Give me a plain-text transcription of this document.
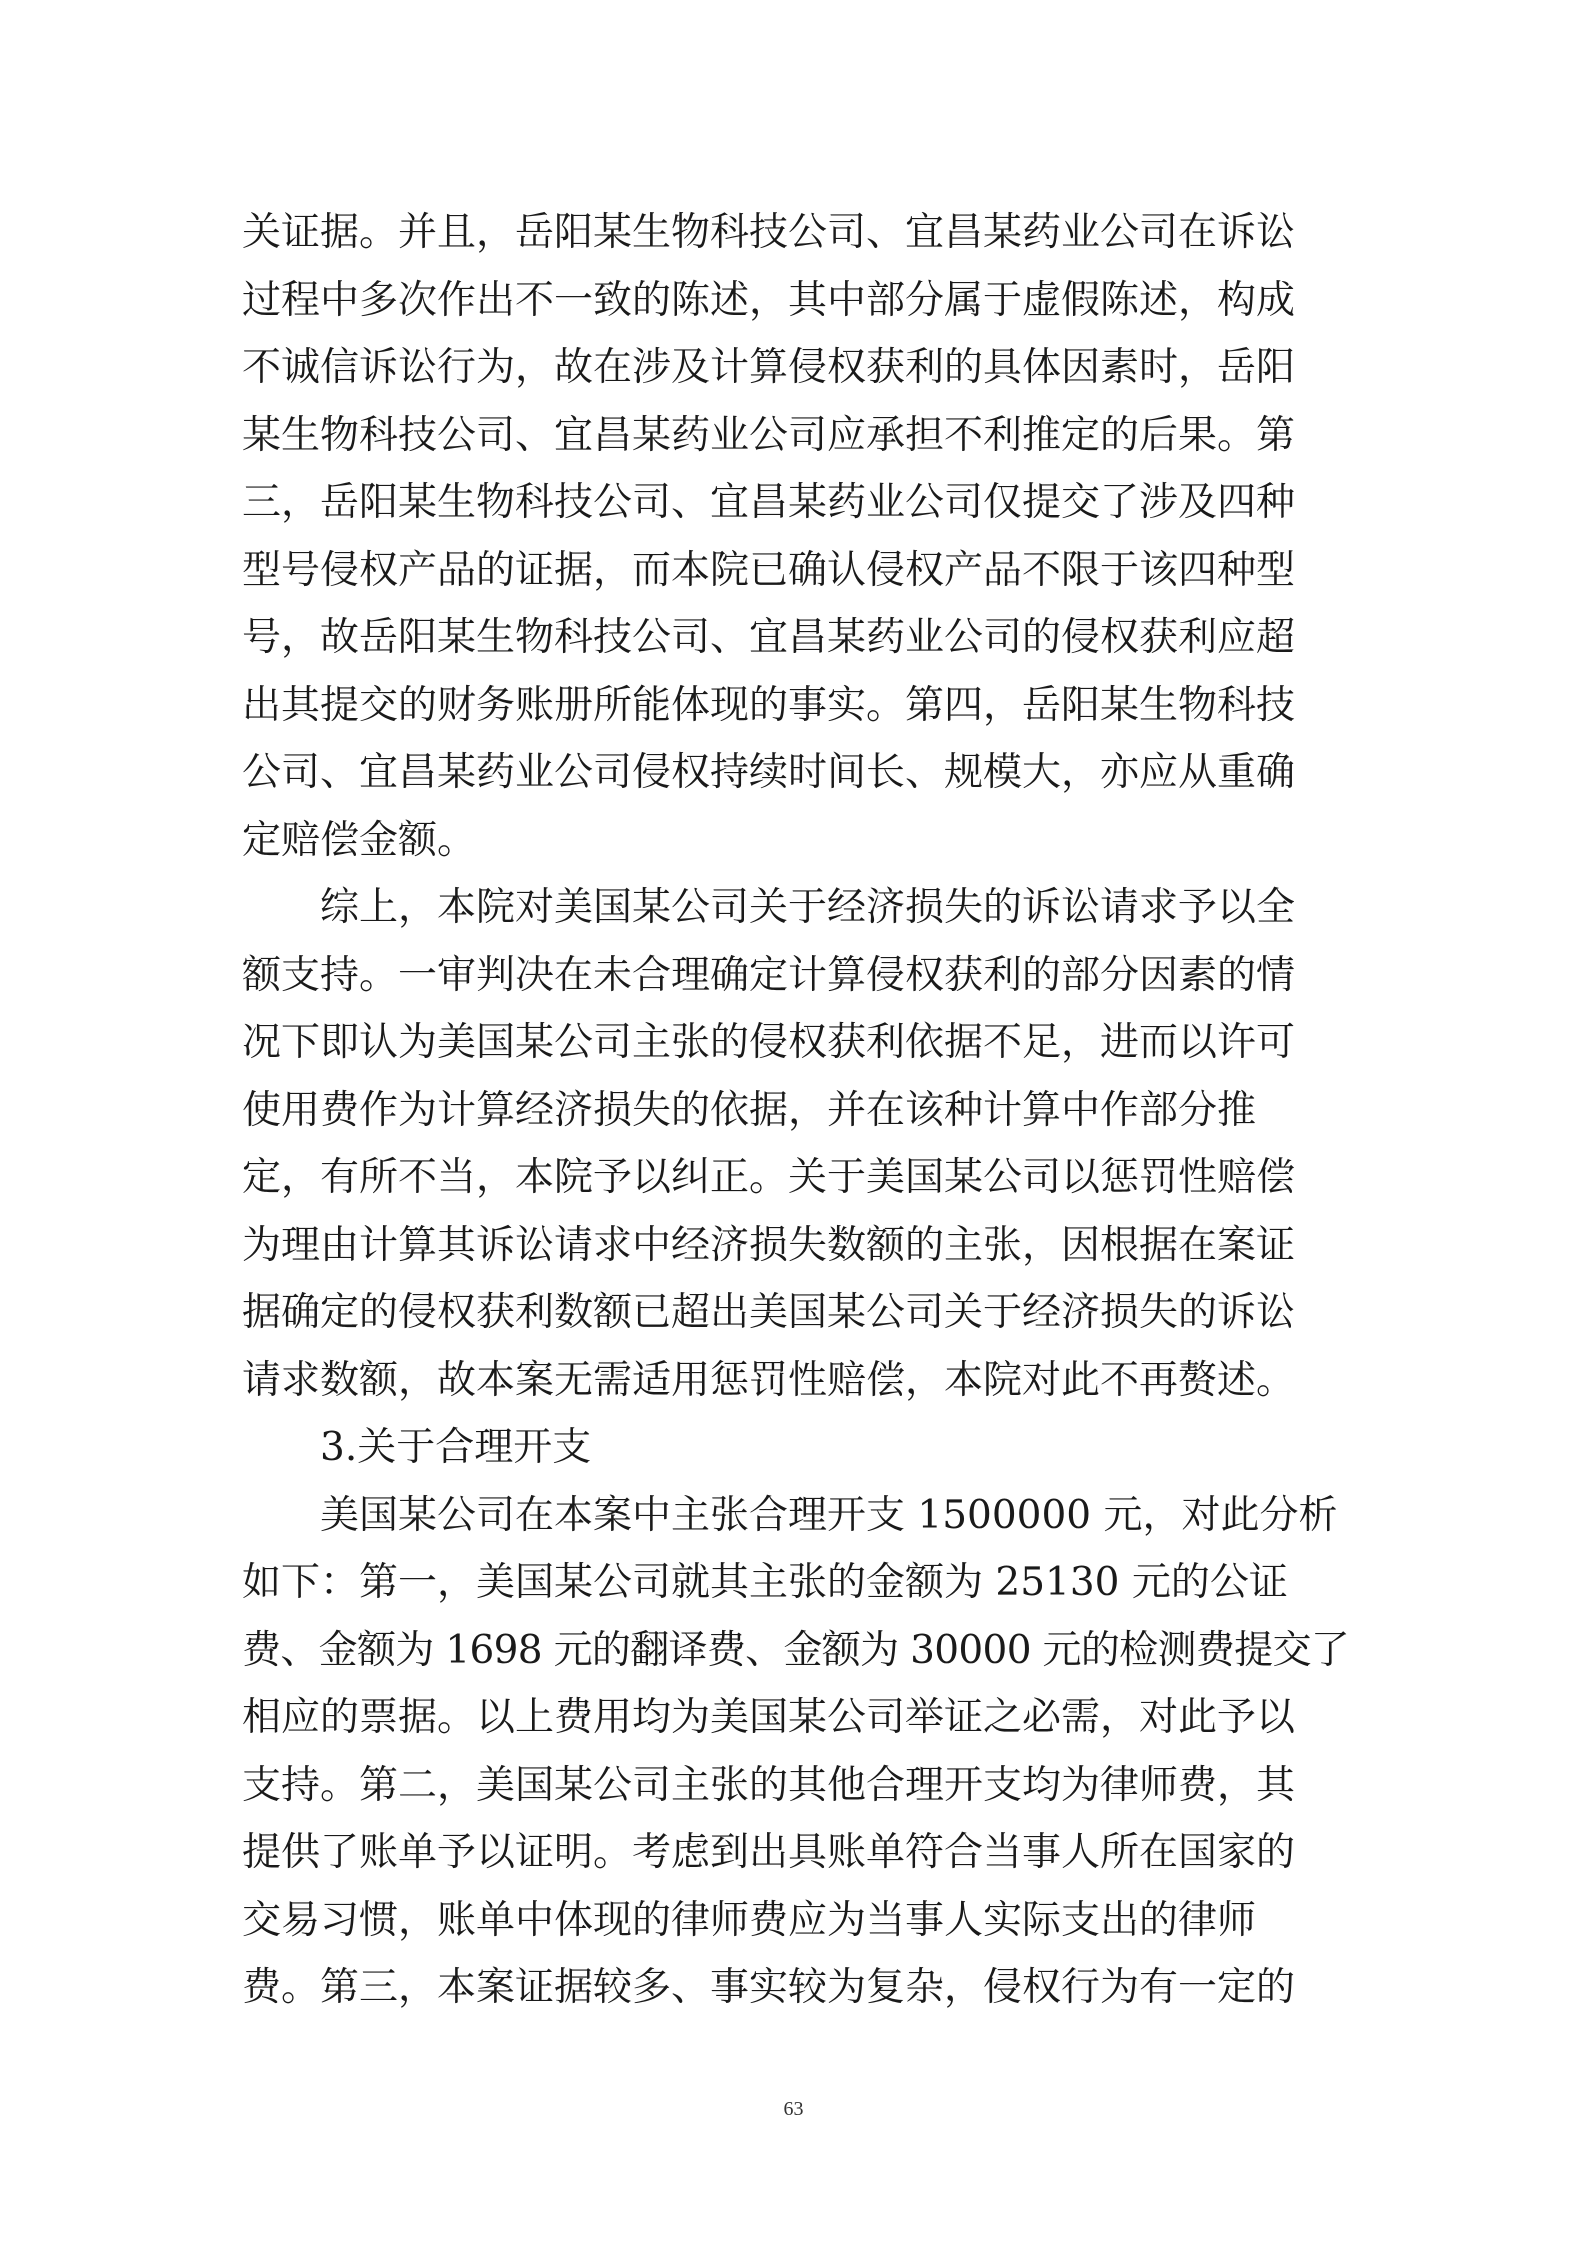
关证据。并且，岳阳某生物科技公司、宜昌某药业公司在诉讼
过程中多次作出不一致的陈述，其中部分属于虚假陈述，构成
不诚信诉讼行为，故在涉及计算侵权获利的具体因素时，岳阳
某生物科技公司、宜昌某药业公司应承担不利推定的后果。第
三，岳阳某生物科技公司、宜昌某药业公司仅提交了涉及四种
型号侵权产品的证据，而本院已确认侵权产品不限于该四种型
号，故岳阳某生物科技公司、宜昌某药业公司的侵权获利应超
出其提交的财务账册所能体现的事实。第四，岳阳某生物科技
公司、宜昌某药业公司侵权持续时间长、规模大，亦应从重确
定赔偿金额。
综上，本院对美国某公司关于经济损失的诉讼请求予以全
额支持。一审判决在未合理确定计算侵权获利的部分因素的情
况下即认为美国某公司主张的侵权获利依据不足，进而以许可
使用费作为计算经济损失的依据，并在该种计算中作部分推
定，有所不当，本院予以纠正。关于美国某公司以惩罚性赔偿
为理由计算其诉讼请求中经济损失数额的主张，因根据在案证
据确定的侵权获利数额已超出美国某公司关于经济损失的诉讼
请求数额，故本案无需适用惩罚性赔偿，本院对此不再赘述。
3.关于合理开支
美国某公司在本案中主张合理开支 1500000 元，对此分析
如下：第一，美国某公司就其主张的金额为 25130 元的公证
费、金额为 1698 元的翻译费、金额为 30000 元的检测费提交了
相应的票据。以上费用均为美国某公司举证之必需，对此予以
支持。第二，美国某公司主张的其他合理开支均为律师费，其
提供了账单予以证明。考虑到出具账单符合当事人所在国家的
交易习惯，账单中体现的律师费应为当事人实际支出的律师
费。第三，本案证据较多、事实较为复杂，侵权行为有一定的
63
